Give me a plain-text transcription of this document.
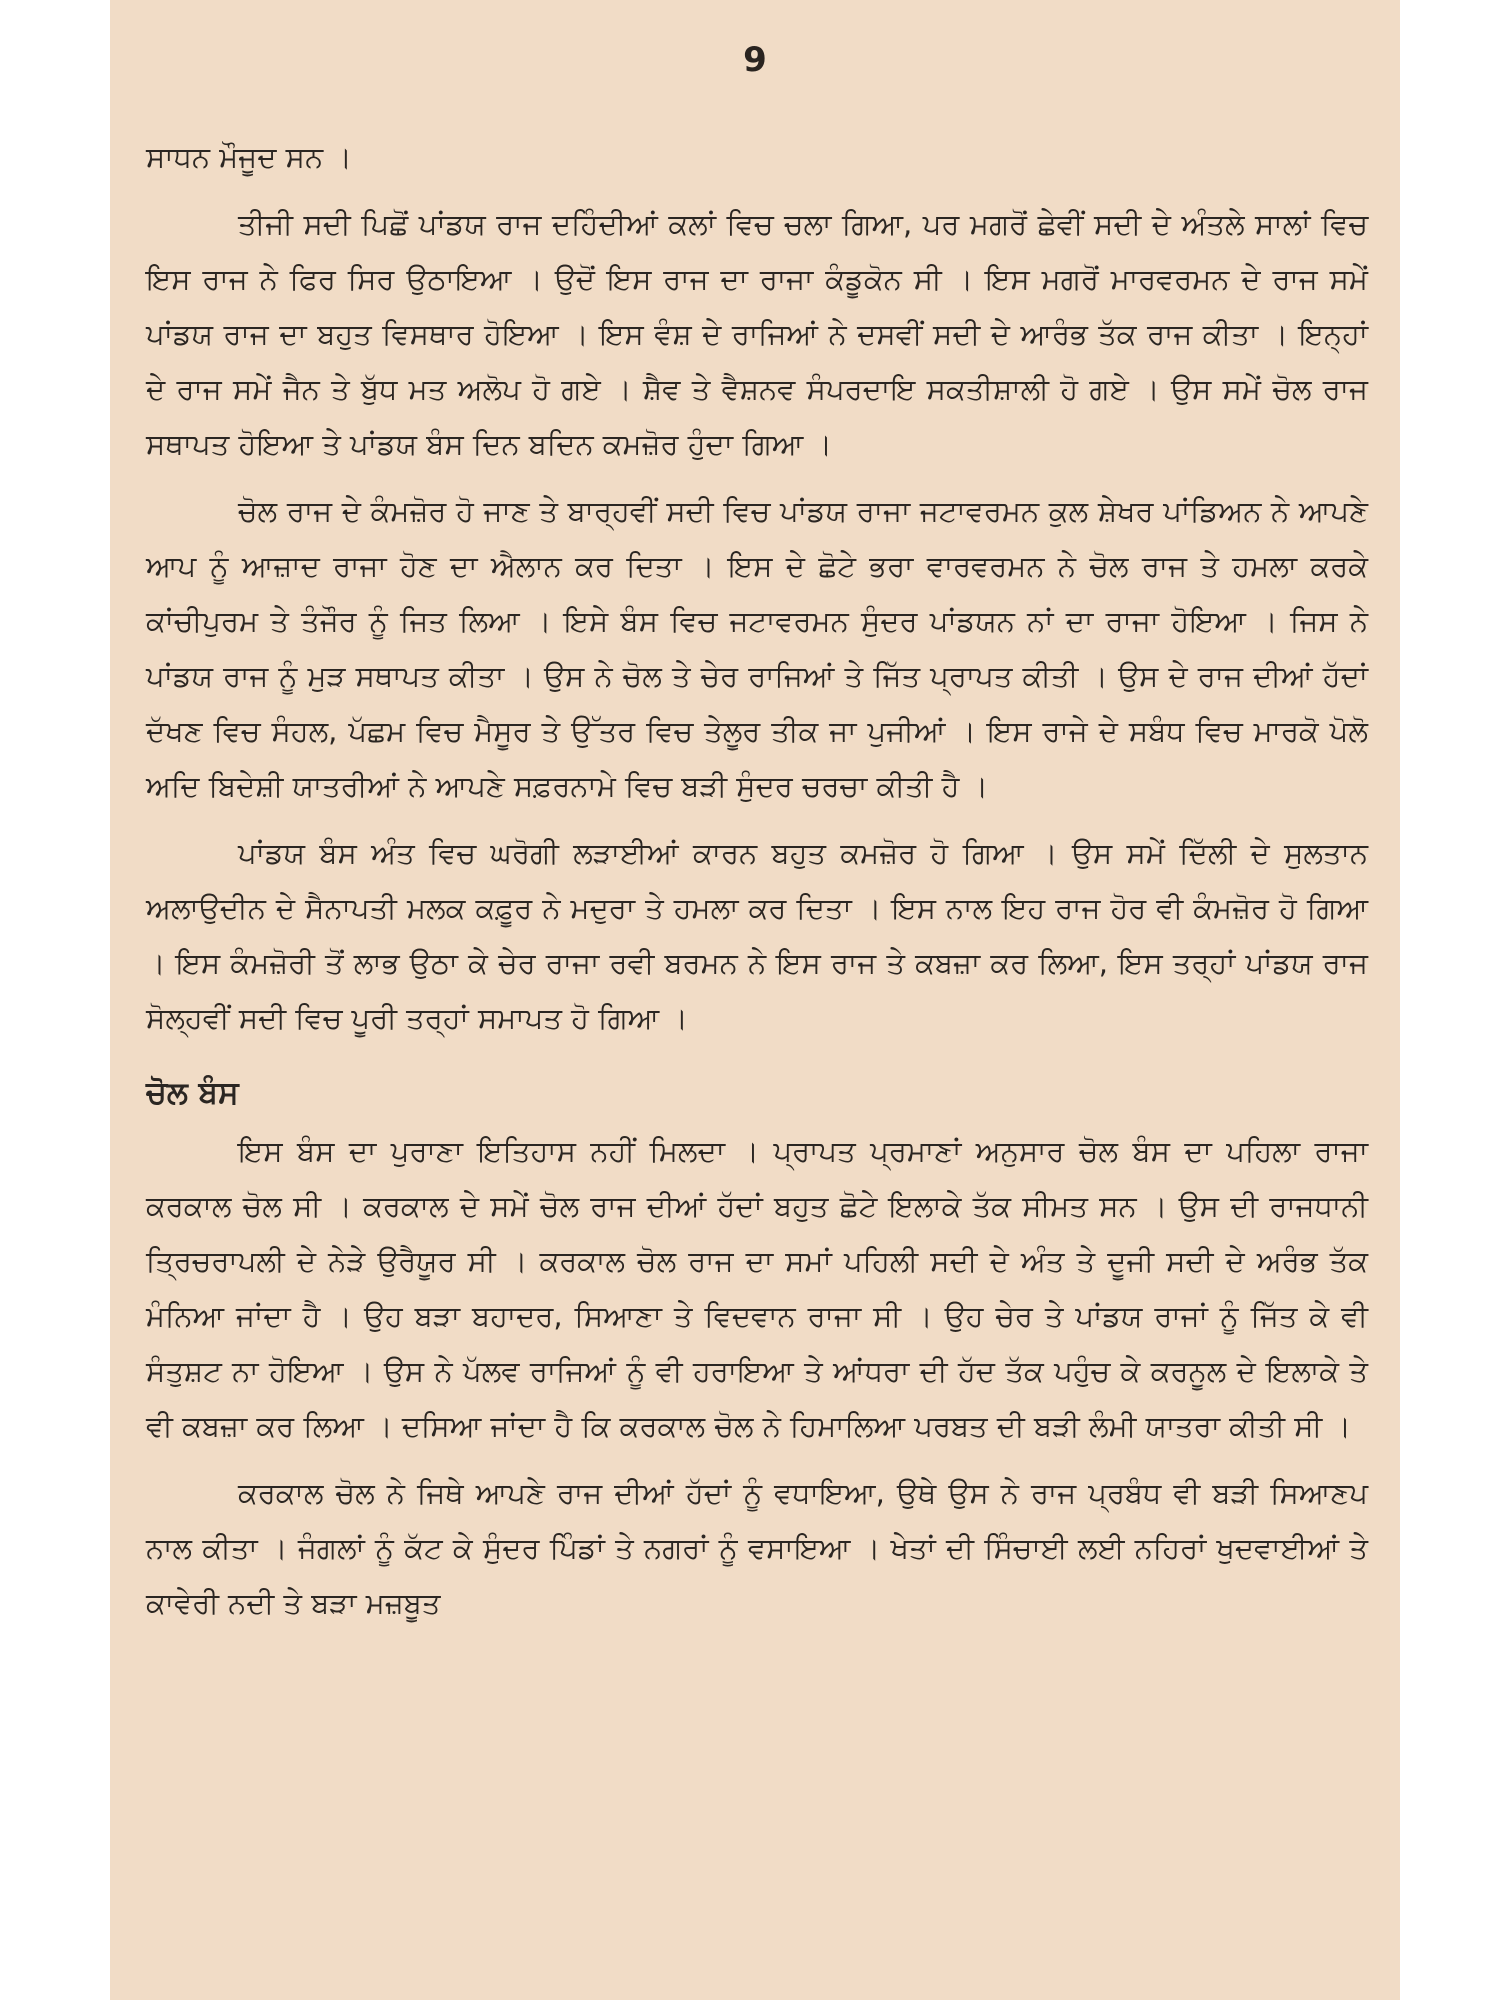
9

ਸਾਧਨ ਮੌਜੂਦ ਸਨ ।

ਤੀਜੀ ਸਦੀ ਪਿਛੋਂ ਪਾਂਡਯ ਰਾਜ ਦਹਿੰਦੀਆਂ ਕਲਾਂ ਵਿਚ ਚਲਾ ਗਿਆ, ਪਰ ਮਗਰੋਂ ਛੇਵੀਂ ਸਦੀ ਦੇ ਅੰਤਲੇ ਸਾਲਾਂ ਵਿਚ ਇਸ ਰਾਜ ਨੇ ਫਿਰ ਸਿਰ ਉਠਾਇਆ । ਉਦੋਂ ਇਸ ਰਾਜ ਦਾ ਰਾਜਾ ਕੰਡੂਕੋਨ ਸੀ । ਇਸ ਮਗਰੋਂ ਮਾਰਵਰਮਨ ਦੇ ਰਾਜ ਸਮੇਂ ਪਾਂਡਯ ਰਾਜ ਦਾ ਬਹੁਤ ਵਿਸਥਾਰ ਹੋਇਆ । ਇਸ ਵੰਸ਼ ਦੇ ਰਾਜਿਆਂ ਨੇ ਦਸਵੀਂ ਸਦੀ ਦੇ ਆਰੰਭ ਤੱਕ ਰਾਜ ਕੀਤਾ । ਇਨ੍ਹਾਂ ਦੇ ਰਾਜ ਸਮੇਂ ਜੈਨ ਤੇ ਬੁੱਧ ਮਤ ਅਲੋਪ ਹੋ ਗਏ । ਸ਼ੈਵ ਤੇ ਵੈਸ਼ਨਵ ਸੰਪਰਦਾਇ ਸਕਤੀਸ਼ਾਲੀ ਹੋ ਗਏ । ਉਸ ਸਮੇਂ ਚੋਲ ਰਾਜ ਸਥਾਪਤ ਹੋਇਆ ਤੇ ਪਾਂਡਯ ਬੰਸ ਦਿਨ ਬਦਿਨ ਕਮਜ਼ੋਰ ਹੁੰਦਾ ਗਿਆ ।

ਚੋਲ ਰਾਜ ਦੇ ਕੰਮਜ਼ੋਰ ਹੋ ਜਾਣ ਤੇ ਬਾਰ੍ਹਵੀਂ ਸਦੀ ਵਿਚ ਪਾਂਡਯ ਰਾਜਾ ਜਟਾਵਰਮਨ ਕੁਲ ਸ਼ੇਖਰ ਪਾਂਡਿਅਨ ਨੇ ਆਪਣੇ ਆਪ ਨੂੰ ਆਜ਼ਾਦ ਰਾਜਾ ਹੋਣ ਦਾ ਐਲਾਨ ਕਰ ਦਿਤਾ । ਇਸ ਦੇ ਛੋਟੇ ਭਰਾ ਵਾਰਵਰਮਨ ਨੇ ਚੋਲ ਰਾਜ ਤੇ ਹਮਲਾ ਕਰਕੇ ਕਾਂਚੀਪੁਰਮ ਤੇ ਤੰਜੌਰ ਨੂੰ ਜਿਤ ਲਿਆ । ਇਸੇ ਬੰਸ ਵਿਚ ਜਟਾਵਰਮਨ ਸੁੰਦਰ ਪਾਂਡਯਨ ਨਾਂ ਦਾ ਰਾਜਾ ਹੋਇਆ । ਜਿਸ ਨੇ ਪਾਂਡਯ ਰਾਜ ਨੂੰ ਮੁੜ ਸਥਾਪਤ ਕੀਤਾ । ਉਸ ਨੇ ਚੋਲ ਤੇ ਚੇਰ ਰਾਜਿਆਂ ਤੇ ਜਿੱਤ ਪ੍ਰਾਪਤ ਕੀਤੀ । ਉਸ ਦੇ ਰਾਜ ਦੀਆਂ ਹੱਦਾਂ ਦੱਖਣ ਵਿਚ ਸੰਹਲ, ਪੱਛਮ ਵਿਚ ਮੈਸੂਰ ਤੇ ਉੱਤਰ ਵਿਚ ਤੇਲੂਰ ਤੀਕ ਜਾ ਪੁਜੀਆਂ । ਇਸ ਰਾਜੇ ਦੇ ਸਬੰਧ ਵਿਚ ਮਾਰਕੋ ਪੋਲੋ ਅਦਿ ਬਿਦੇਸ਼ੀ ਯਾਤਰੀਆਂ ਨੇ ਆਪਣੇ ਸਫ਼ਰਨਾਮੇ ਵਿਚ ਬੜੀ ਸੁੰਦਰ ਚਰਚਾ ਕੀਤੀ ਹੈ ।

ਪਾਂਡਯ ਬੰਸ ਅੰਤ ਵਿਚ ਘਰੋਗੀ ਲੜਾਈਆਂ ਕਾਰਨ ਬਹੁਤ ਕਮਜ਼ੋਰ ਹੋ ਗਿਆ । ਉਸ ਸਮੇਂ ਦਿੱਲੀ ਦੇ ਸੁਲਤਾਨ ਅਲਾਉਦੀਨ ਦੇ ਸੈਨਾਪਤੀ ਮਲਕ ਕਫ਼ੂਰ ਨੇ ਮਦੁਰਾ ਤੇ ਹਮਲਾ ਕਰ ਦਿਤਾ । ਇਸ ਨਾਲ ਇਹ ਰਾਜ ਹੋਰ ਵੀ ਕੰਮਜ਼ੋਰ ਹੋ ਗਿਆ । ਇਸ ਕੰਮਜ਼ੋਰੀ ਤੋਂ ਲਾਭ ਉਠਾ ਕੇ ਚੇਰ ਰਾਜਾ ਰਵੀ ਬਰਮਨ ਨੇ ਇਸ ਰਾਜ ਤੇ ਕਬਜ਼ਾ ਕਰ ਲਿਆ, ਇਸ ਤਰ੍ਹਾਂ ਪਾਂਡਯ ਰਾਜ ਸੋਲ੍ਹਵੀਂ ਸਦੀ ਵਿਚ ਪੂਰੀ ਤਰ੍ਹਾਂ ਸਮਾਪਤ ਹੋ ਗਿਆ ।

ਚੋਲ ਬੰਸ

ਇਸ ਬੰਸ ਦਾ ਪੁਰਾਣਾ ਇਤਿਹਾਸ ਨਹੀਂ ਮਿਲਦਾ । ਪ੍ਰਾਪਤ ਪ੍ਰਮਾਣਾਂ ਅਨੁਸਾਰ ਚੋਲ ਬੰਸ ਦਾ ਪਹਿਲਾ ਰਾਜਾ ਕਰਕਾਲ ਚੋਲ ਸੀ । ਕਰਕਾਲ ਦੇ ਸਮੇਂ ਚੋਲ ਰਾਜ ਦੀਆਂ ਹੱਦਾਂ ਬਹੁਤ ਛੋਟੇ ਇਲਾਕੇ ਤੱਕ ਸੀਮਤ ਸਨ । ਉਸ ਦੀ ਰਾਜਧਾਨੀ ਤ੍ਰਿਚਰਾਪਲੀ ਦੇ ਨੇੜੇ ਉਰੈਯੂਰ ਸੀ । ਕਰਕਾਲ ਚੋਲ ਰਾਜ ਦਾ ਸਮਾਂ ਪਹਿਲੀ ਸਦੀ ਦੇ ਅੰਤ ਤੇ ਦੂਜੀ ਸਦੀ ਦੇ ਅਰੰਭ ਤੱਕ ਮੰਨਿਆ ਜਾਂਦਾ ਹੈ । ਉਹ ਬੜਾ ਬਹਾਦਰ, ਸਿਆਣਾ ਤੇ ਵਿਦਵਾਨ ਰਾਜਾ ਸੀ । ਉਹ ਚੇਰ ਤੇ ਪਾਂਡਯ ਰਾਜਾਂ ਨੂੰ ਜਿੱਤ ਕੇ ਵੀ ਸੰਤੁਸ਼ਟ ਨਾ ਹੋਇਆ । ਉਸ ਨੇ ਪੱਲਵ ਰਾਜਿਆਂ ਨੂੰ ਵੀ ਹਰਾਇਆ ਤੇ ਆਂਧਰਾ ਦੀ ਹੱਦ ਤੱਕ ਪਹੁੰਚ ਕੇ ਕਰਨੂਲ ਦੇ ਇਲਾਕੇ ਤੇ ਵੀ ਕਬਜ਼ਾ ਕਰ ਲਿਆ । ਦਸਿਆ ਜਾਂਦਾ ਹੈ ਕਿ ਕਰਕਾਲ ਚੋਲ ਨੇ ਹਿਮਾਲਿਆ ਪਰਬਤ ਦੀ ਬੜੀ ਲੰਮੀ ਯਾਤਰਾ ਕੀਤੀ ਸੀ ।

ਕਰਕਾਲ ਚੋਲ ਨੇ ਜਿਥੇ ਆਪਣੇ ਰਾਜ ਦੀਆਂ ਹੱਦਾਂ ਨੂੰ ਵਧਾਇਆ, ਉਥੇ ਉਸ ਨੇ ਰਾਜ ਪ੍ਰਬੰਧ ਵੀ ਬੜੀ ਸਿਆਣਪ ਨਾਲ ਕੀਤਾ । ਜੰਗਲਾਂ ਨੂੰ ਕੱਟ ਕੇ ਸੁੰਦਰ ਪਿੰਡਾਂ ਤੇ ਨਗਰਾਂ ਨੂੰ ਵਸਾਇਆ । ਖੇਤਾਂ ਦੀ ਸਿੰਚਾਈ ਲਈ ਨਹਿਰਾਂ ਖੁਦਵਾਈਆਂ ਤੇ ਕਾਵੇਰੀ ਨਦੀ ਤੇ ਬੜਾ ਮਜ਼ਬੂਤ
